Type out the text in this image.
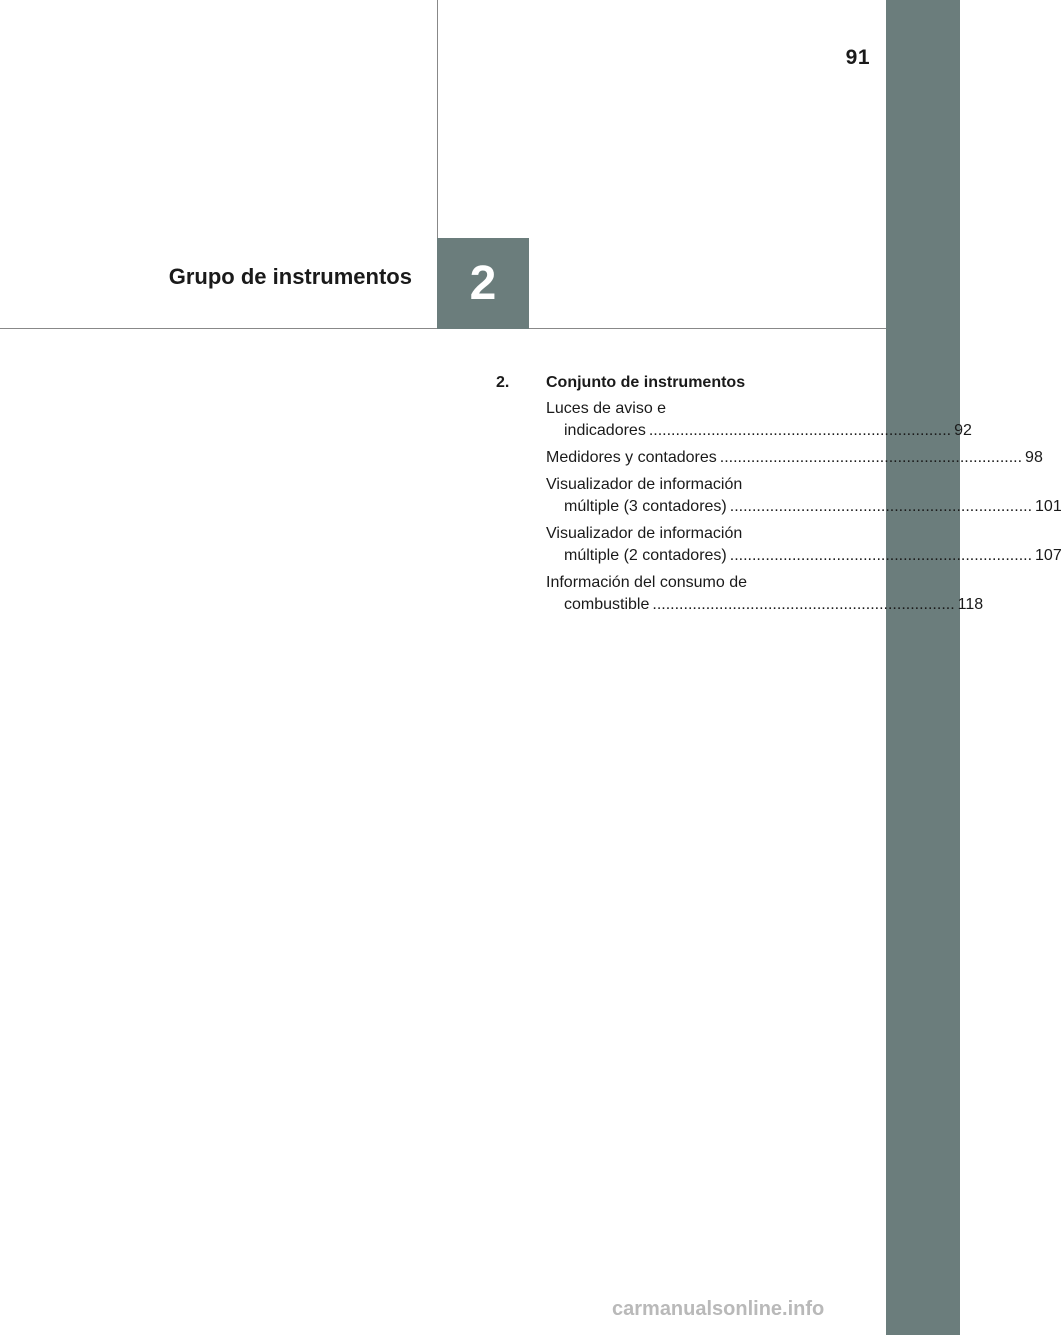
91
Grupo de instrumentos 2
2.	Conjunto de instrumentos
Luces de aviso e
indicadores .................................................................... 92
Medidores y contadores .................................................................... 98
Visualizador de información
múltiple (3 contadores) .................................................................... 101
Visualizador de información
múltiple (2 contadores) .................................................................... 107
Información del consumo de
combustible .................................................................... 118
carmanualsonline.info
